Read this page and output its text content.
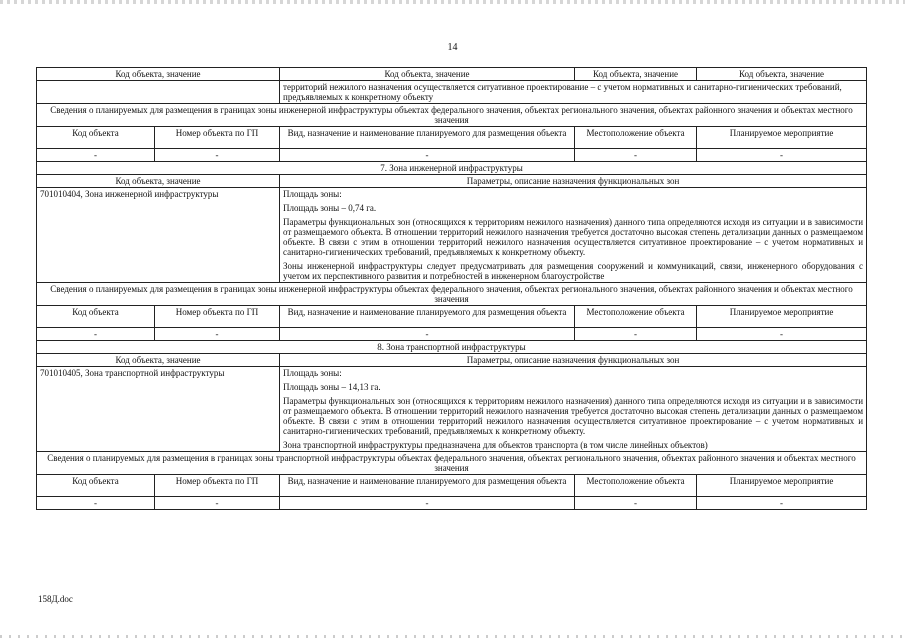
14
Код объекта, значение		Код объекта, значение	Код объекта, значение	Код объекта, значение
		территорий нежилого назначения осуществляется ситуативное проектирование – с учетом нормативных и санитарно-гигиенических требований, предъявляемых к конкретному объекту		
Сведения о планируемых для размещения в границах зоны инженерной инфраструктуры объектах федерального значения, объектах регионального значения, объектах районного значения и объектах местного значения				
Код объекта	Номер объекта по ГП	Вид, назначение и наименование планируемого для размещения объекта	Местоположение объекта	Планируемое мероприятие
-	-	-	-	-
7. Зона инженерной инфраструктуры				
Код объекта, значение		Параметры, описание назначения функциональных зон		
701010404, Зона инженерной инфраструктуры		Площадь зоны:

Площадь зоны – 0,74 га.

Параметры функциональных зон (относящихся к территориям нежилого назначения) данного типа определяются исходя из ситуации и в зависимости от размещаемого объекта. В отношении территорий нежилого назначения требуется достаточно высокая степень детализации данных о размещаемом объекте. В связи с этим в отношении территорий нежилого назначения осуществляется ситуативное проектирование – с учетом нормативных и санитарно-гигиенических требований, предъявляемых к конкретному объекту.

Зоны инженерной инфраструктуры следует предусматривать для размещения сооружений и коммуникаций, связи, инженерного оборудования с учетом их перспективного развития и потребностей в инженерном благоустройстве		

Сведения о планируемых для размещения в границах зоны инженерной инфраструктуры объектах федерального значения, объектах регионального значения, объектах районного значения и объектах местного значения				
Код объекта	Номер объекта по ГП	Вид, назначение и наименование планируемого для размещения объекта	Местоположение объекта	Планируемое мероприятие
-	-	-	-	-
8. Зона транспортной инфраструктуры				
Код объекта, значение		Параметры, описание назначения функциональных зон		
701010405, Зона транспортной инфраструктуры		Площадь зоны:

Площадь зоны – 14,13 га.

Параметры функциональных зон (относящихся к территориям нежилого назначения) данного типа определяются исходя из ситуации и в зависимости от размещаемого объекта. В отношении территорий нежилого назначения требуется достаточно высокая степень детализации данных о размещаемом объекте. В связи с этим в отношении территорий нежилого назначения осуществляется ситуативное проектирование – с учетом нормативных и санитарно-гигиенических требований, предъявляемых к конкретному объекту.

Зона транспортной инфраструктуры предназначена для объектов транспорта (в том числе линейных объектов)		

Сведения о планируемых для размещения в границах зоны транспортной инфраструктуры объектах федерального значения, объектах регионального значения, объектах районного значения и объектах местного значения				
Код объекта	Номер объекта по ГП	Вид, назначение и наименование планируемого для размещения объекта	Местоположение объекта	Планируемое мероприятие
-	-	-	-	-
158Д.doc
